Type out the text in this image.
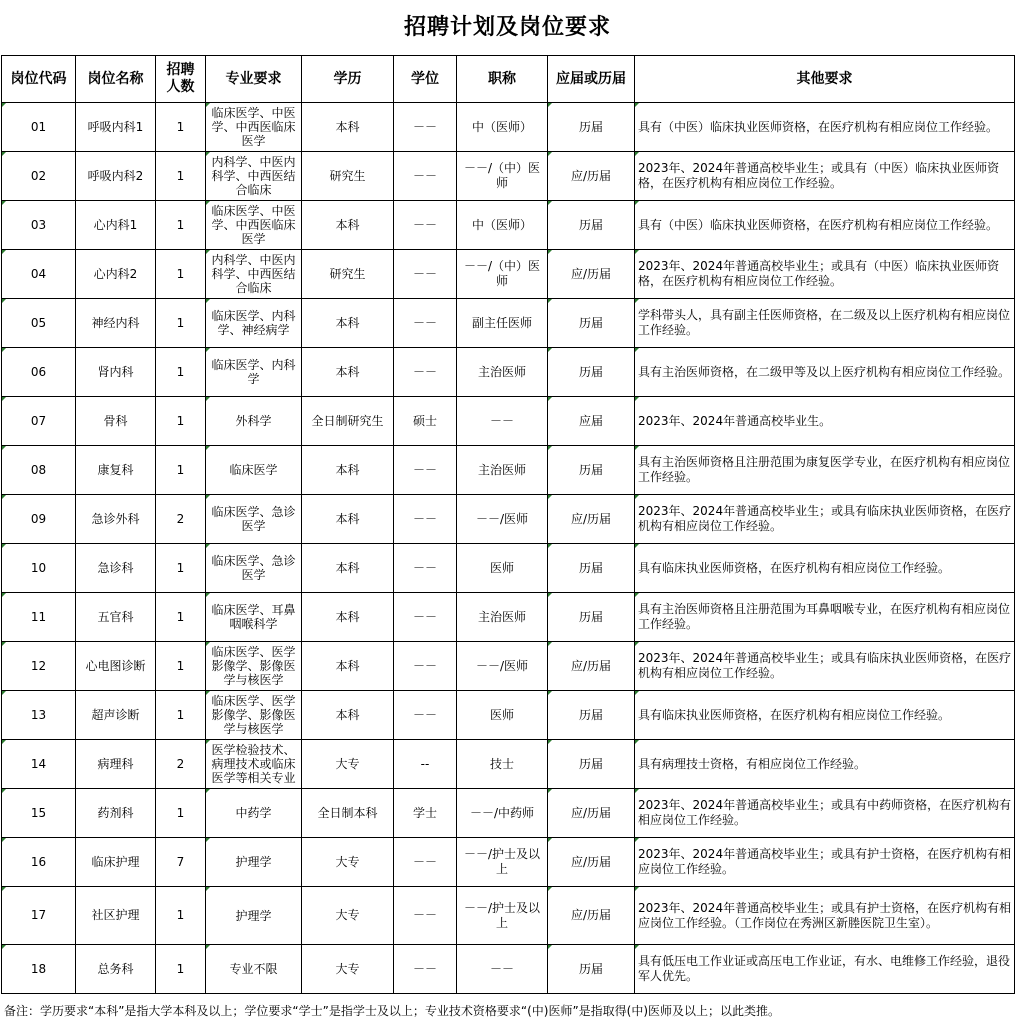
招聘计划及岗位要求
岗位代码	岗位名称	招聘人数	专业要求	学历	学位	职称	应届或历届	其他要求
01	呼吸内科1	1	临床医学、中医学、中西医临床医学	本科	－－	中（医师）	历届	具有（中医）临床执业医师资格，在医疗机构有相应岗位工作经验。
02	呼吸内科2	1	内科学、中医内科学、中西医结合临床	研究生	－－	－－/（中）医师	应/历届	2023年、2024年普通高校毕业生；或具有（中医）临床执业医师资格，在医疗机构有相应岗位工作经验。
03	心内科1	1	临床医学、中医学、中西医临床医学	本科	－－	中（医师）	历届	具有（中医）临床执业医师资格，在医疗机构有相应岗位工作经验。
04	心内科2	1	内科学、中医内科学、中西医结合临床	研究生	－－	－－/（中）医师	应/历届	2023年、2024年普通高校毕业生；或具有（中医）临床执业医师资格，在医疗机构有相应岗位工作经验。
05	神经内科	1	临床医学、内科学、神经病学	本科	－－	副主任医师	历届	学科带头人，具有副主任医师资格，在二级及以上医疗机构有相应岗位工作经验。
06	肾内科	1	临床医学、内科学	本科	－－	主治医师	历届	具有主治医师资格，在二级甲等及以上医疗机构有相应岗位工作经验。
07	骨科	1	外科学	全日制研究生	硕士	－－	应届	2023年、2024年普通高校毕业生。
08	康复科	1	临床医学	本科	－－	主治医师	历届	具有主治医师资格且注册范围为康复医学专业，在医疗机构有相应岗位工作经验。
09	急诊外科	2	临床医学、急诊医学	本科	－－	－－/医师	应/历届	2023年、2024年普通高校毕业生；或具有临床执业医师资格，在医疗机构有相应岗位工作经验。
10	急诊科	1	临床医学、急诊医学	本科	－－	医师	历届	具有临床执业医师资格，在医疗机构有相应岗位工作经验。
11	五官科	1	临床医学、耳鼻咽喉科学	本科	－－	主治医师	历届	具有主治医师资格且注册范围为耳鼻咽喉专业，在医疗机构有相应岗位工作经验。
12	心电图诊断	1	临床医学、医学影像学、影像医学与核医学	本科	－－	－－/医师	应/历届	2023年、2024年普通高校毕业生；或具有临床执业医师资格，在医疗机构有相应岗位工作经验。
13	超声诊断	1	临床医学、医学影像学、影像医学与核医学	本科	－－	医师	历届	具有临床执业医师资格，在医疗机构有相应岗位工作经验。
14	病理科	2	医学检验技术、病理技术或临床医学等相关专业	大专	--	技士	历届	具有病理技士资格，有相应岗位工作经验。
15	药剂科	1	中药学	全日制本科	学士	－－/中药师	应/历届	2023年、2024年普通高校毕业生；或具有中药师资格，在医疗机构有相应岗位工作经验。
16	临床护理	7	护理学	大专	－－	－－/护士及以上	应/历届	2023年、2024年普通高校毕业生；或具有护士资格，在医疗机构有相应岗位工作经验。
17	社区护理	1	护理学	大专	－－	－－/护士及以上	应/历届	2023年、2024年普通高校毕业生；或具有护士资格，在医疗机构有相应岗位工作经验。（工作岗位在秀洲区新塍医院卫生室）。
18	总务科	1	专业不限	大专	－－	－－	历届	具有低压电工作业证或高压电工作业证，有水、电维修工作经验，退役军人优先。
备注：学历要求“本科”是指大学本科及以上；学位要求“学士”是指学士及以上；专业技术资格要求“(中)医师”是指取得(中)医师及以上；以此类推。
